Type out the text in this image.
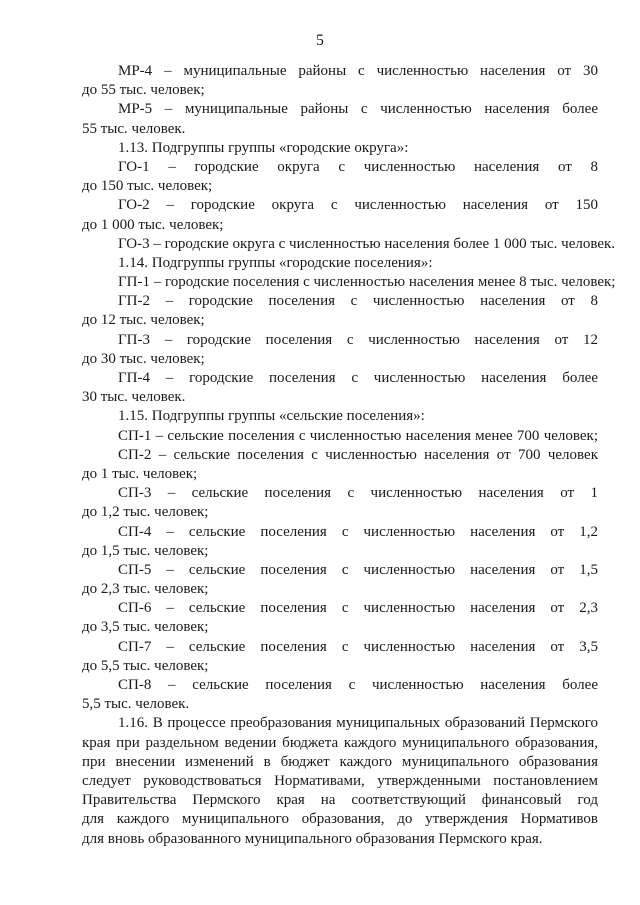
5
МР-4 – муниципальные районы с численностью населения от 30
до 55 тыс. человек;
МР-5 – муниципальные районы с численностью населения более
55 тыс. человек.
1.13. Подгруппы группы «городские округа»:
ГО-1 – городские округа с численностью населения от 8
до 150 тыс. человек;
ГО-2 – городские округа с численностью населения от 150
до 1 000 тыс. человек;
ГО-3 – городские округа с численностью населения более 1 000 тыс. человек.
1.14. Подгруппы группы «городские поселения»:
ГП-1 – городские поселения с численностью населения менее 8 тыс. человек;
ГП-2 – городские поселения с численностью населения от 8
до 12 тыс. человек;
ГП-3 – городские поселения с численностью населения от 12
до 30 тыс. человек;
ГП-4 – городские поселения с численностью населения более
30 тыс. человек.
1.15. Подгруппы группы «сельские поселения»:
СП-1 – сельские поселения с численностью населения менее 700 человек;
СП-2 – сельские поселения с численностью населения от 700 человек
до 1 тыс. человек;
СП-3 – сельские поселения с численностью населения от 1
до 1,2 тыс. человек;
СП-4 – сельские поселения с численностью населения от 1,2
до 1,5 тыс. человек;
СП-5 – сельские поселения с численностью населения от 1,5
до 2,3 тыс. человек;
СП-6 – сельские поселения с численностью населения от 2,3
до 3,5 тыс. человек;
СП-7 – сельские поселения с численностью населения от 3,5
до 5,5 тыс. человек;
СП-8 – сельские поселения с численностью населения более
5,5 тыс. человек.
1.16. В процессе преобразования муниципальных образований Пермского
края при раздельном ведении бюджета каждого муниципального образования,
при внесении изменений в бюджет каждого муниципального образования
следует руководствоваться Нормативами, утвержденными постановлением
Правительства Пермского края на соответствующий финансовый год
для каждого муниципального образования, до утверждения Нормативов
для вновь образованного муниципального образования Пермского края.
